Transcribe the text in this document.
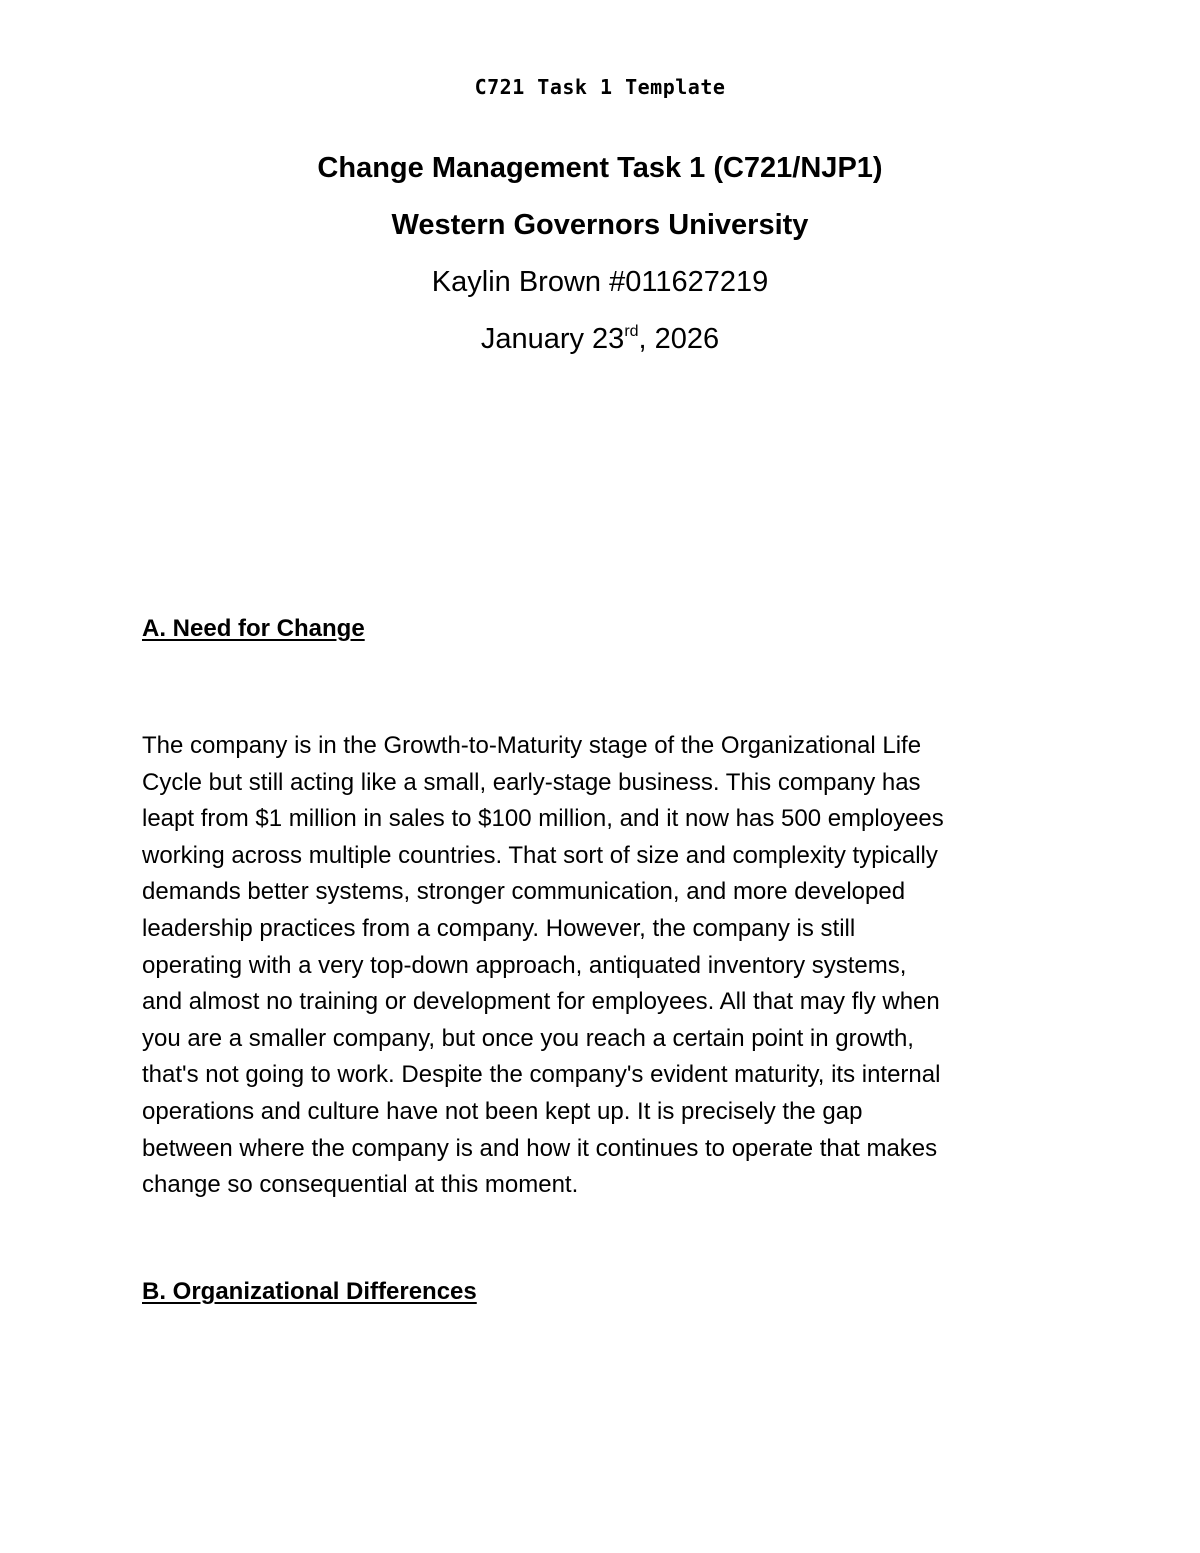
C721 Task 1 Template
Change Management Task 1 (C721/NJP1)
Western Governors University
Kaylin Brown #011627219
January 23rd, 2026
A. Need for Change
The company is in the Growth-to-Maturity stage of the Organizational Life
Cycle but still acting like a small, early-stage business. This company has
leapt from $1 million in sales to $100 million, and it now has 500 employees
working across multiple countries. That sort of size and complexity typically
demands better systems, stronger communication, and more developed
leadership practices from a company. However, the company is still
operating with a very top-down approach, antiquated inventory systems,
and almost no training or development for employees. All that may fly when
you are a smaller company, but once you reach a certain point in growth,
that's not going to work. Despite the company's evident maturity, its internal
operations and culture have not been kept up. It is precisely the gap
between where the company is and how it continues to operate that makes
change so consequential at this moment.
B. Organizational Differences
